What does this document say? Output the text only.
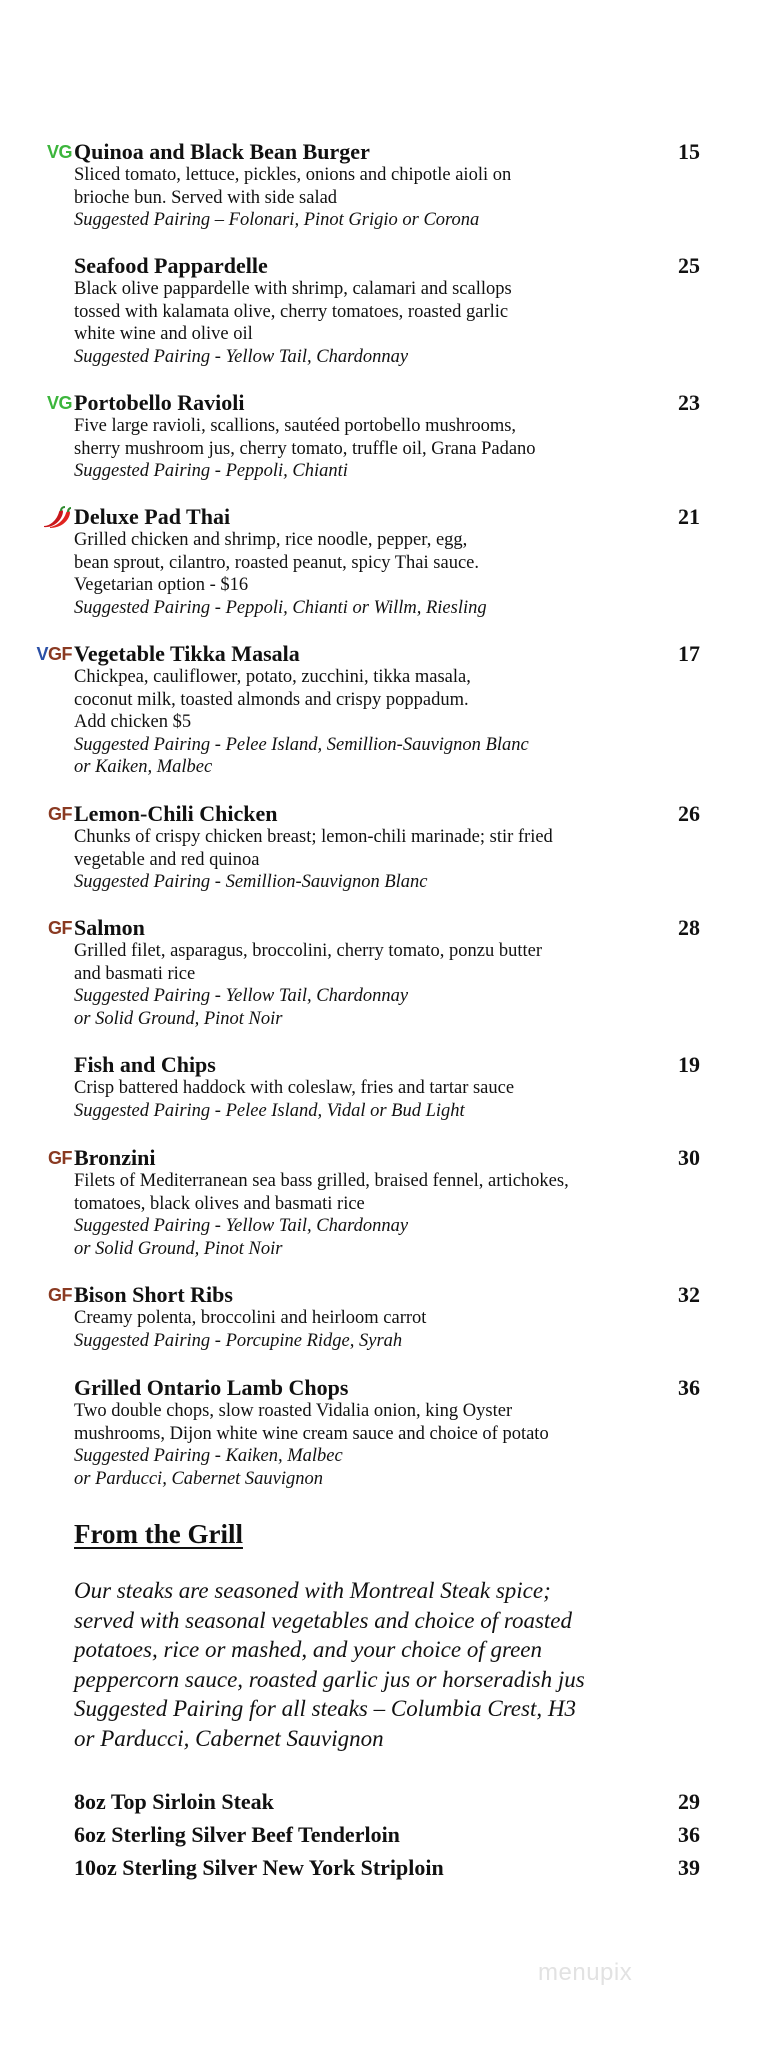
VG Quinoa and Black Bean Burger	15
Sliced tomato, lettuce, pickles, onions and chipotle aioli on
brioche bun. Served with side salad
Suggested Pairing – Folonari, Pinot Grigio or Corona
Seafood Pappardelle	25
Black olive pappardelle with shrimp, calamari and scallops
tossed with kalamata olive, cherry tomatoes, roasted garlic
white wine and olive oil
Suggested Pairing - Yellow Tail, Chardonnay
VG Portobello Ravioli	23
Five large ravioli, scallions, sautéed portobello mushrooms,
sherry mushroom jus, cherry tomato, truffle oil, Grana Padano
Suggested Pairing - Peppoli, Chianti
Deluxe Pad Thai	21
Grilled chicken and shrimp, rice noodle, pepper, egg,
bean sprout, cilantro, roasted peanut, spicy Thai sauce.
Vegetarian option - $16
Suggested Pairing - Peppoli, Chianti or Willm, Riesling
VGF Vegetable Tikka Masala	17
Chickpea, cauliflower, potato, zucchini, tikka masala,
coconut milk, toasted almonds and crispy poppadum.
Add chicken $5
Suggested Pairing - Pelee Island, Semillion-Sauvignon Blanc
or Kaiken, Malbec
GF Lemon-Chili Chicken	26
Chunks of crispy chicken breast; lemon-chili marinade; stir fried
vegetable and red quinoa
Suggested Pairing - Semillion-Sauvignon Blanc
GF Salmon	28
Grilled filet, asparagus, broccolini, cherry tomato, ponzu butter
and basmati rice
Suggested Pairing - Yellow Tail, Chardonnay
or Solid Ground, Pinot Noir
Fish and Chips	19
Crisp battered haddock with coleslaw, fries and tartar sauce
Suggested Pairing - Pelee Island, Vidal or Bud Light
GF Bronzini	30
Filets of Mediterranean sea bass grilled, braised fennel, artichokes,
tomatoes, black olives and basmati rice
Suggested Pairing - Yellow Tail, Chardonnay
or Solid Ground, Pinot Noir
GF Bison Short Ribs	32
Creamy polenta, broccolini and heirloom carrot
Suggested Pairing - Porcupine Ridge, Syrah
Grilled Ontario Lamb Chops	36
Two double chops, slow roasted Vidalia onion, king Oyster
mushrooms, Dijon white wine cream sauce and choice of potato
Suggested Pairing - Kaiken, Malbec
or Parducci, Cabernet Sauvignon
From the Grill
Our steaks are seasoned with Montreal Steak spice;
served with seasonal vegetables and choice of roasted
potatoes, rice or mashed, and your choice of green
peppercorn sauce, roasted garlic jus or horseradish jus
Suggested Pairing for all steaks – Columbia Crest, H3
or Parducci, Cabernet Sauvignon
8oz Top Sirloin Steak	29
6oz Sterling Silver Beef Tenderloin	36
10oz Sterling Silver New York Striploin	39
menupix
